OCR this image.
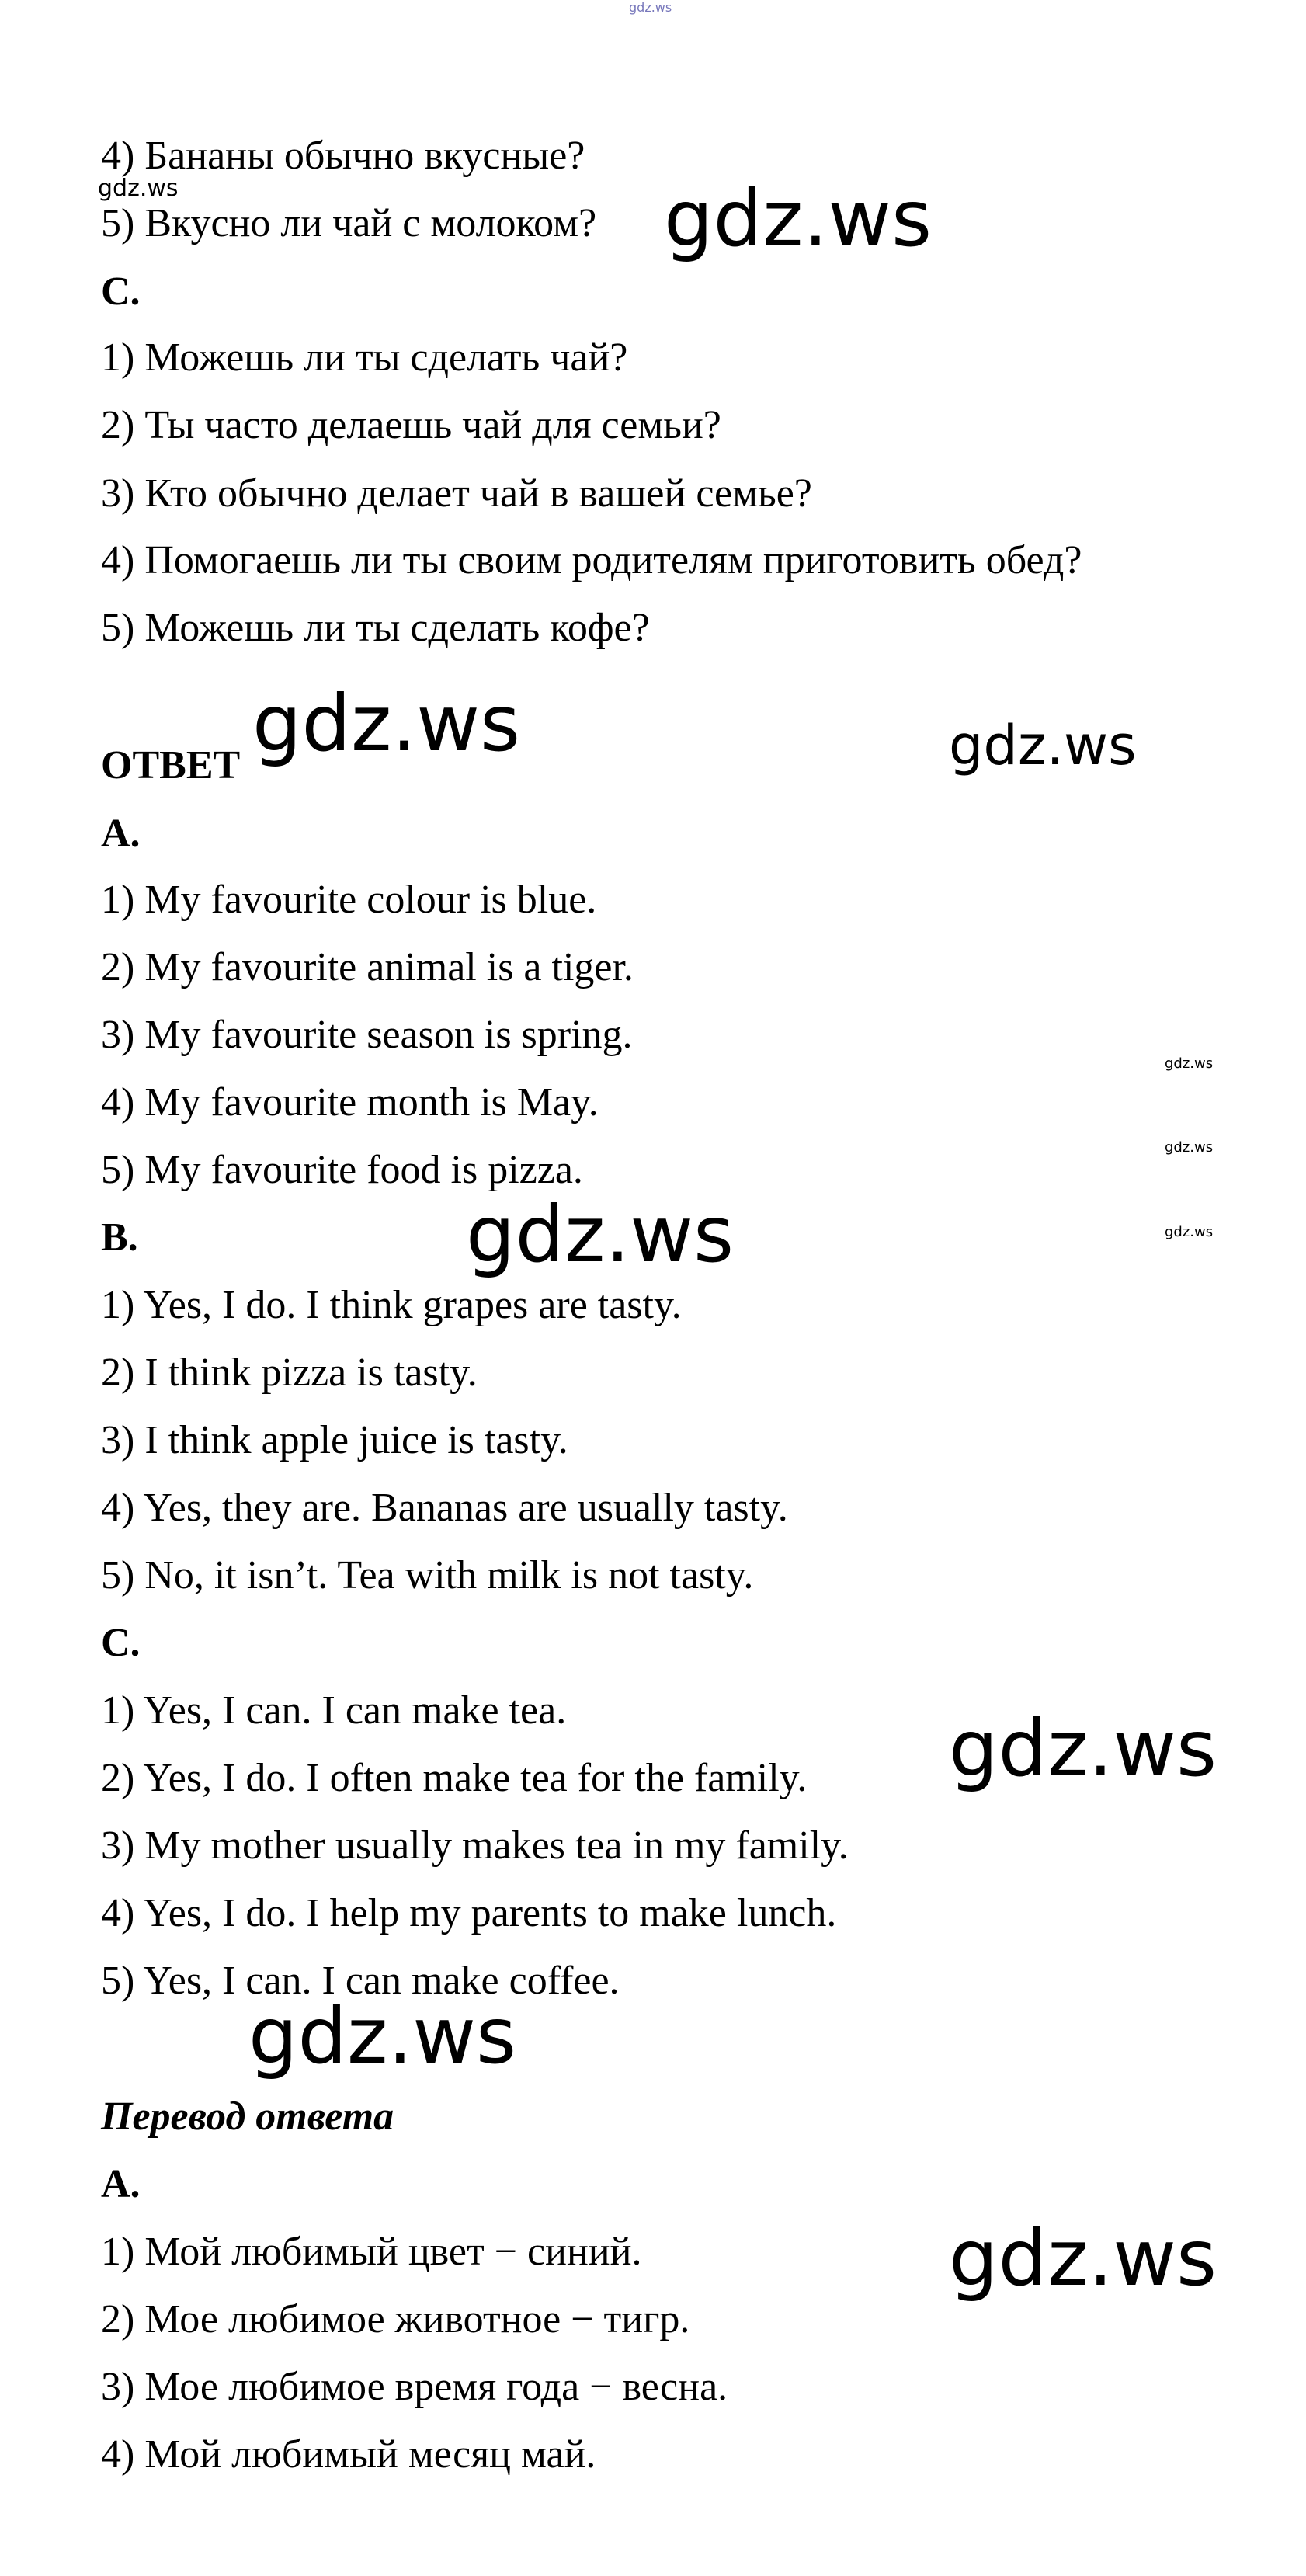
gdz.ws
4) Бананы обычно вкусные?
gdz.ws
5) Вкусно ли чай с молоком? gdz.ws
C.
1) Можешь ли ты сделать чай?
2) Ты часто делаешь чай для семьи?
3) Кто обычно делает чай в вашей семье?
4) Помогаешь ли ты своим родителям приготовить обед?
5) Можешь ли ты сделать кофе?
ОТВЕТ gdz.ws	gdz.ws
A.
1) My favourite colour is blue.
2) My favourite animal is a tiger.
3) My favourite season is spring.
4) My favourite month is May.
5) My favourite food is pizza.
gdz.ws
gdz.ws
gdz.ws
B.	gdz.ws
1) Yes, I do. I think grapes are tasty.
2) I think pizza is tasty.
3) I think apple juice is tasty.
4) Yes, they are. Bananas are usually tasty.
5) No, it isn’t. Tea with milk is not tasty.
C.
1) Yes, I can. I can make tea.
2) Yes, I do. I often make tea for the family. gdz.ws
3) My mother usually makes tea in my family.
4) Yes, I do. I help my parents to make lunch.
5) Yes, I can. I can make coffee.
gdz.ws
Перевод ответа
A.
1) Мой любимый цвет − синий.	gdz.ws
2) Мое любимое животное − тигр.
3) Мое любимое время года − весна.
4) Мой любимый месяц май.
